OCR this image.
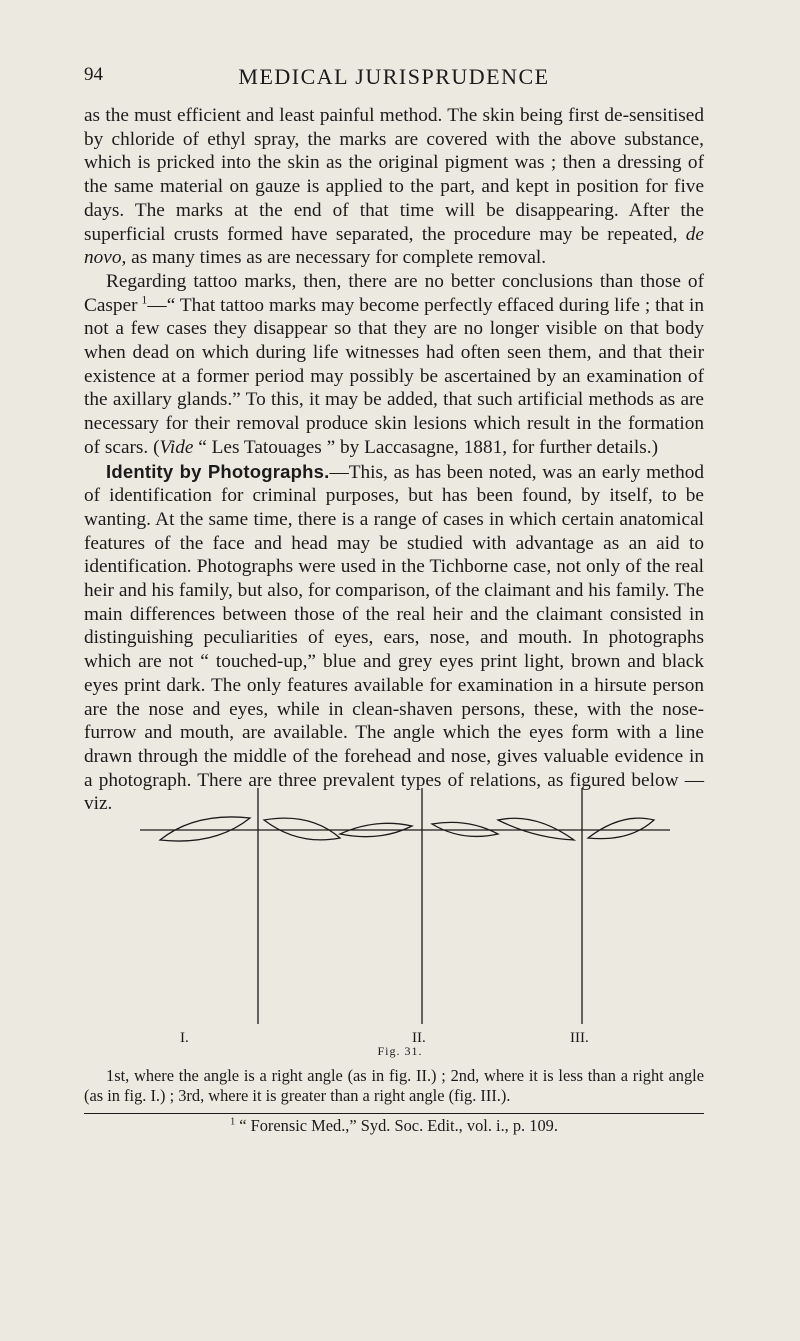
94	MEDICAL JURISPRUDENCE

as the must efficient and least painful method. The skin being first de-sensitised by chloride of ethyl spray, the marks are covered with the above substance, which is pricked into the skin as the original pigment was ; then a dressing of the same material on gauze is applied to the part, and kept in position for five days. The marks at the end of that time will be disappearing. After the superficial crusts formed have separated, the procedure may be repeated, de novo, as many times as are necessary for complete removal.

Regarding tattoo marks, then, there are no better conclusions than those of Casper  $^1$—“ That tattoo marks may become perfectly effaced during life ; that in not a few cases they disappear so that they are no longer visible on that body when dead on which during life witnesses had often seen them, and that their existence at a former period may possibly be ascertained by an examination of the axillary glands.” To this, it may be added, that such artificial methods as are necessary for their removal produce skin lesions which result in the formation of scars. (Vide “ Les Tatouages ” by Laccasagne, 1881, for further details.)

Identity by Photographs.—This, as has been noted, was an early method of identification for criminal purposes, but has been found, by itself, to be wanting. At the same time, there is a range of cases in which certain anatomical features of the face and head may be studied with advantage as an aid to identification. Photographs were used in the Tichborne case, not only of the real heir and his family, but also, for comparison, of the claimant and his family. The main differences between those of the real heir and the claimant consisted in distinguishing peculiarities of eyes, ears, nose, and mouth. In photographs which are not “ touched-up,” blue and grey eyes print light, brown and black eyes print dark. The only features available for examination in a hirsute person are the nose and eyes, while in clean-shaven persons, these, with the nose-furrow and mouth, are available. The angle which the eyes form with a line drawn through the middle of the forehead and nose, gives valuable evidence in a photograph. There are three prevalent types of relations, as figured below —viz.

I.	II.	III.
Fig. 31.

1st, where the angle is a right angle (as in fig. II.) ; 2nd, where it is less than a right angle (as in fig. I.) ; 3rd, where it is greater than a right angle (fig. III.).

$^1$ “ Forensic Med.,” Syd. Soc. Edit., vol. i., p. 109.
